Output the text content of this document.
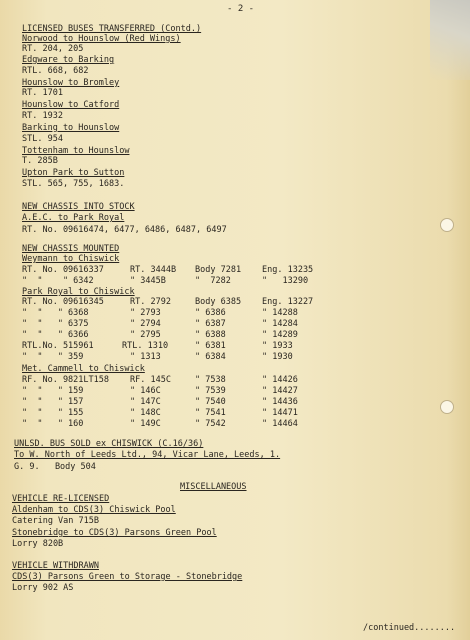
- 2 -
LICENSED BUSES TRANSFERRED (Contd.)
Norwood to Hounslow (Red Wings)
RT. 204, 205
Edgware to Barking
RTL. 668, 682
Hounslow to Bromley
RT. 1701
Hounslow to Catford
RT. 1932
Barking to Hounslow
STL. 954
Tottenham to Hounslow
T. 285B
Upton Park to Sutton
STL. 565, 755, 1683.
NEW CHASSIS INTO STOCK
A.E.C. to Park Royal
RT. No. 09616474, 6477, 6486, 6487, 6497
NEW CHASSIS MOUNTED
Weymann to Chiswick
RT. No. 09616337	RT. 3444B Body 7281 Eng. 13235
"  "    " 6342	" 3445B	"  7282	"   13290
Park Royal to Chiswick
RT. No. 09616345	RT. 2792	Body 6385 Eng. 13227
"  "   " 6368	" 2793	" 6386	" 14288
"  "   " 6375	" 2794	" 6387	" 14284
"  "   " 6366	" 2795	" 6388	" 14289
RTL.No. 515961	RTL. 1310	" 6381	" 1933
"  "   " 359	" 1313	" 6384	" 1930
Met. Cammell to Chiswick
RF. No. 9821LT158 RF. 145C	" 7538	" 14426
"  "   " 159	" 146C	" 7539	" 14427
"  "   " 157	" 147C	" 7540	" 14436
"  "   " 155	" 148C	" 7541	" 14471
"  "   " 160	" 149C	" 7542	" 14464
UNLSD. BUS SOLD ex CHISWICK (C.16/36)
To W. North of Leeds Ltd., 94, Vicar Lane, Leeds, 1.
G. 9.   Body 504
MISCELLANEOUS
VEHICLE RE-LICENSED
Aldenham to CDS(3) Chiswick Pool
Catering Van 715B
Stonebridge to CDS(3) Parsons Green Pool
Lorry 820B
VEHICLE WITHDRAWN
CDS(3) Parsons Green to Storage - Stonebridge
Lorry 902 AS
/continued........
